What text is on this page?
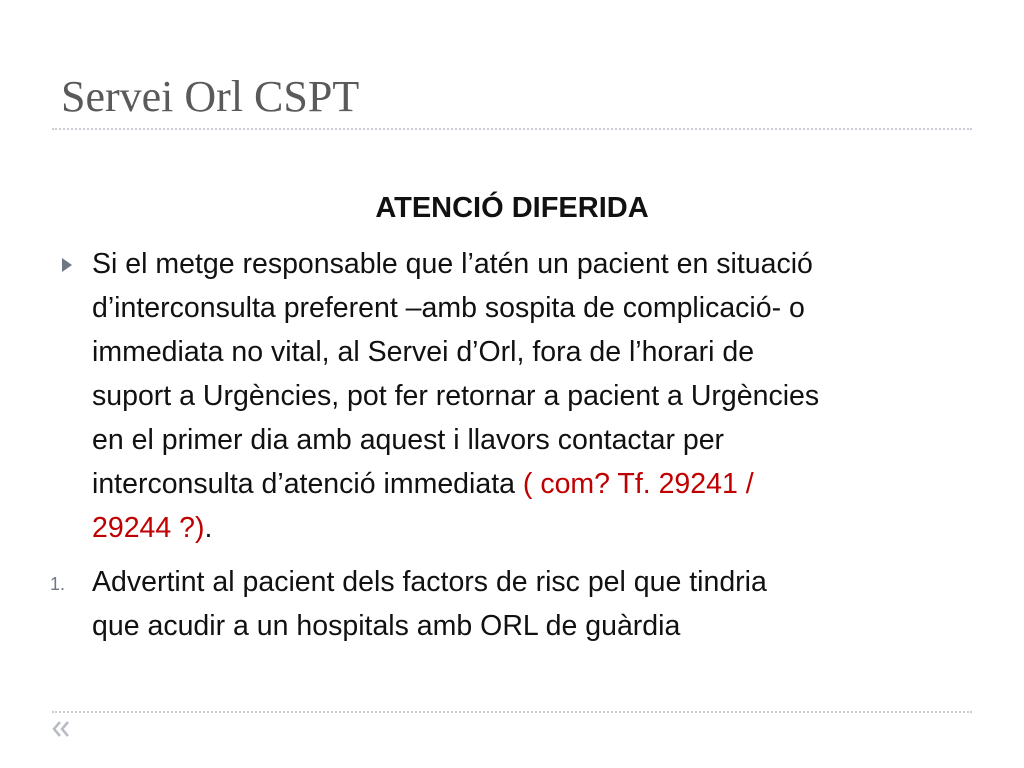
Servei Orl CSPT
ATENCIÓ DIFERIDA

Si el metge responsable que l’atén un pacient en situació
d’interconsulta preferent –amb sospita de complicació- o
immediata no vital, al Servei d’Orl, fora de l’horari de
suport a Urgències, pot fer retornar a pacient a Urgències
en el primer dia amb aquest i llavors contactar per
interconsulta d’atenció immediata ( com? Tf. 29241 /
29244 ?).

1. Advertint al pacient dels factors de risc pel que tindria
que acudir a un hospitals amb ORL de guàrdia
